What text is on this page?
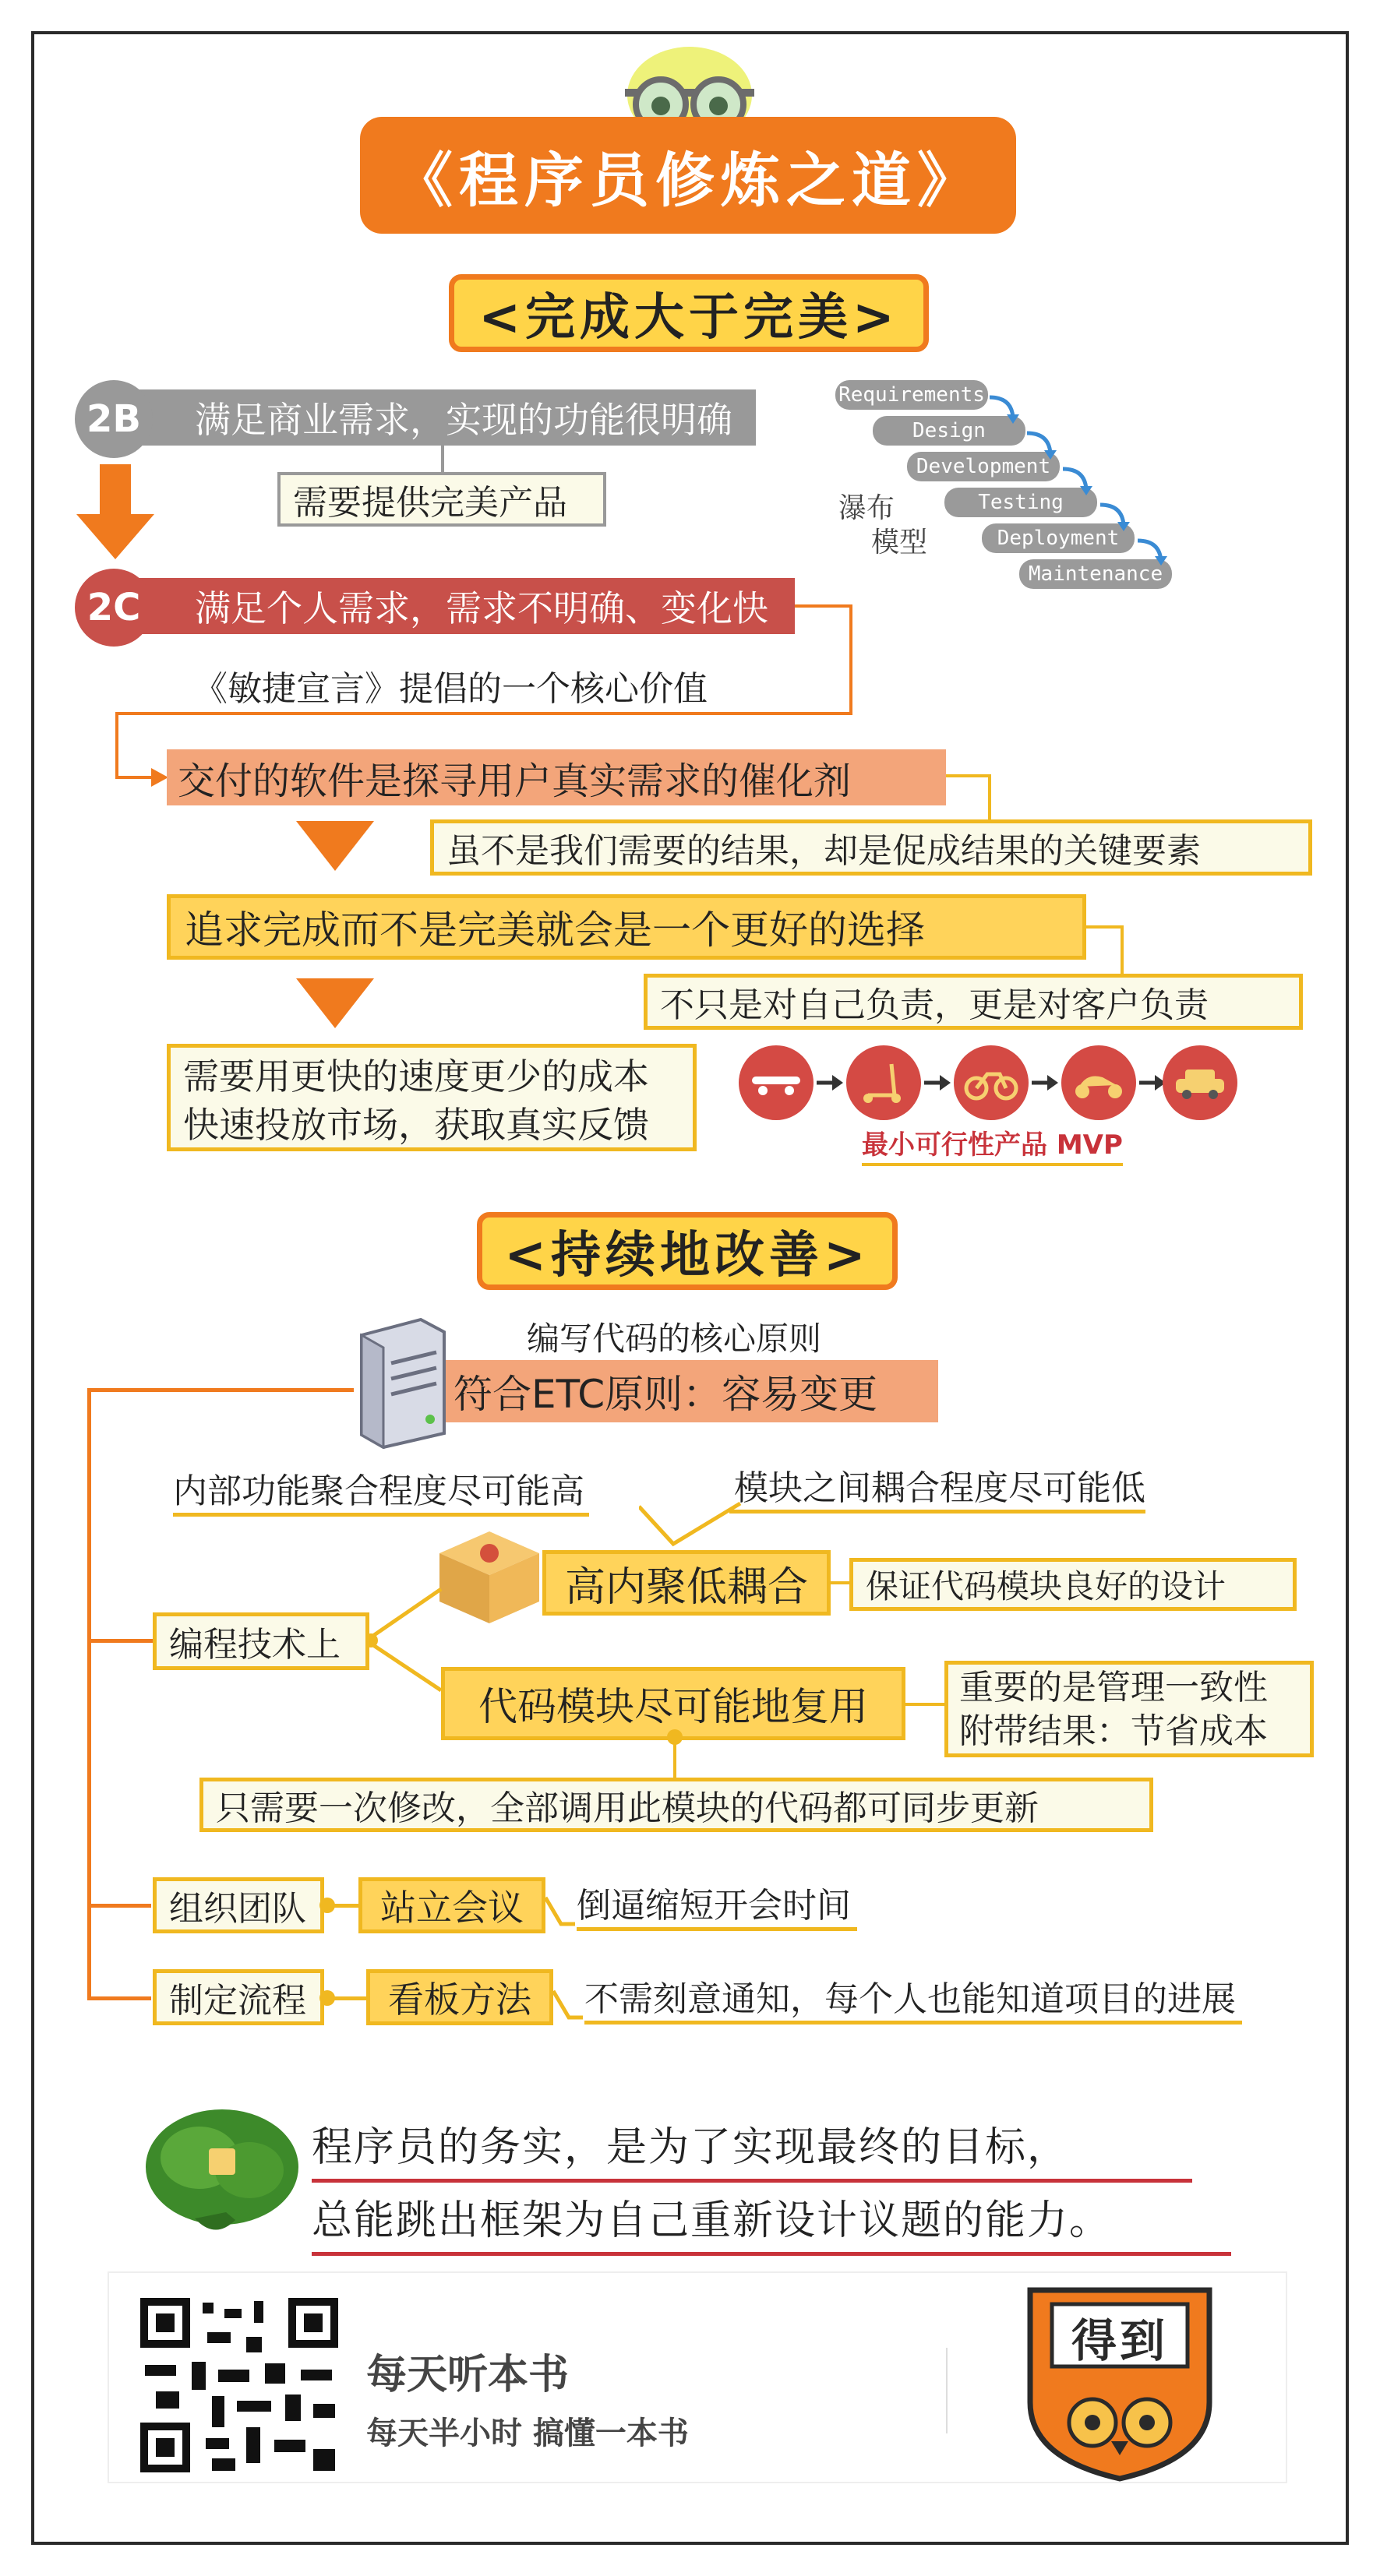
《程序员修炼之道》
<完成大于完美>
满足商业需求，实现的功能很明确
2B
需要提供完美产品
满足个人需求，需求不明确、变化快
2C
Requirements
Design
Development
Testing
Deployment
Maintenance
瀑布
模型
《敏捷宣言》提倡的一个核心价值
交付的软件是探寻用户真实需求的催化剂
虽不是我们需要的结果，却是促成结果的关键要素
追求完成而不是完美就会是一个更好的选择
不只是对自己负责，更是对客户负责
需要用更快的速度更少的成本
快速投放市场，获取真实反馈	最小可行性产品 MVP
<持续地改善>
编写代码的核心原则
符合ETC原则：容易变更
内部功能聚合程度尽可能高	模块之间耦合程度尽可能低
高内聚低耦合	保证代码模块良好的设计
编程技术上
代码模块尽可能地复用	重要的是管理一致性
附带结果：节省成本
只需要一次修改，全部调用此模块的代码都可同步更新
组织团队	站立会议	倒逼缩短开会时间
制定流程	看板方法	不需刻意通知，每个人也能知道项目的进展
程序员的务实，是为了实现最终的目标，
总能跳出框架为自己重新设计议题的能力。
每天听本书
每天半小时 搞懂一本书
得到
